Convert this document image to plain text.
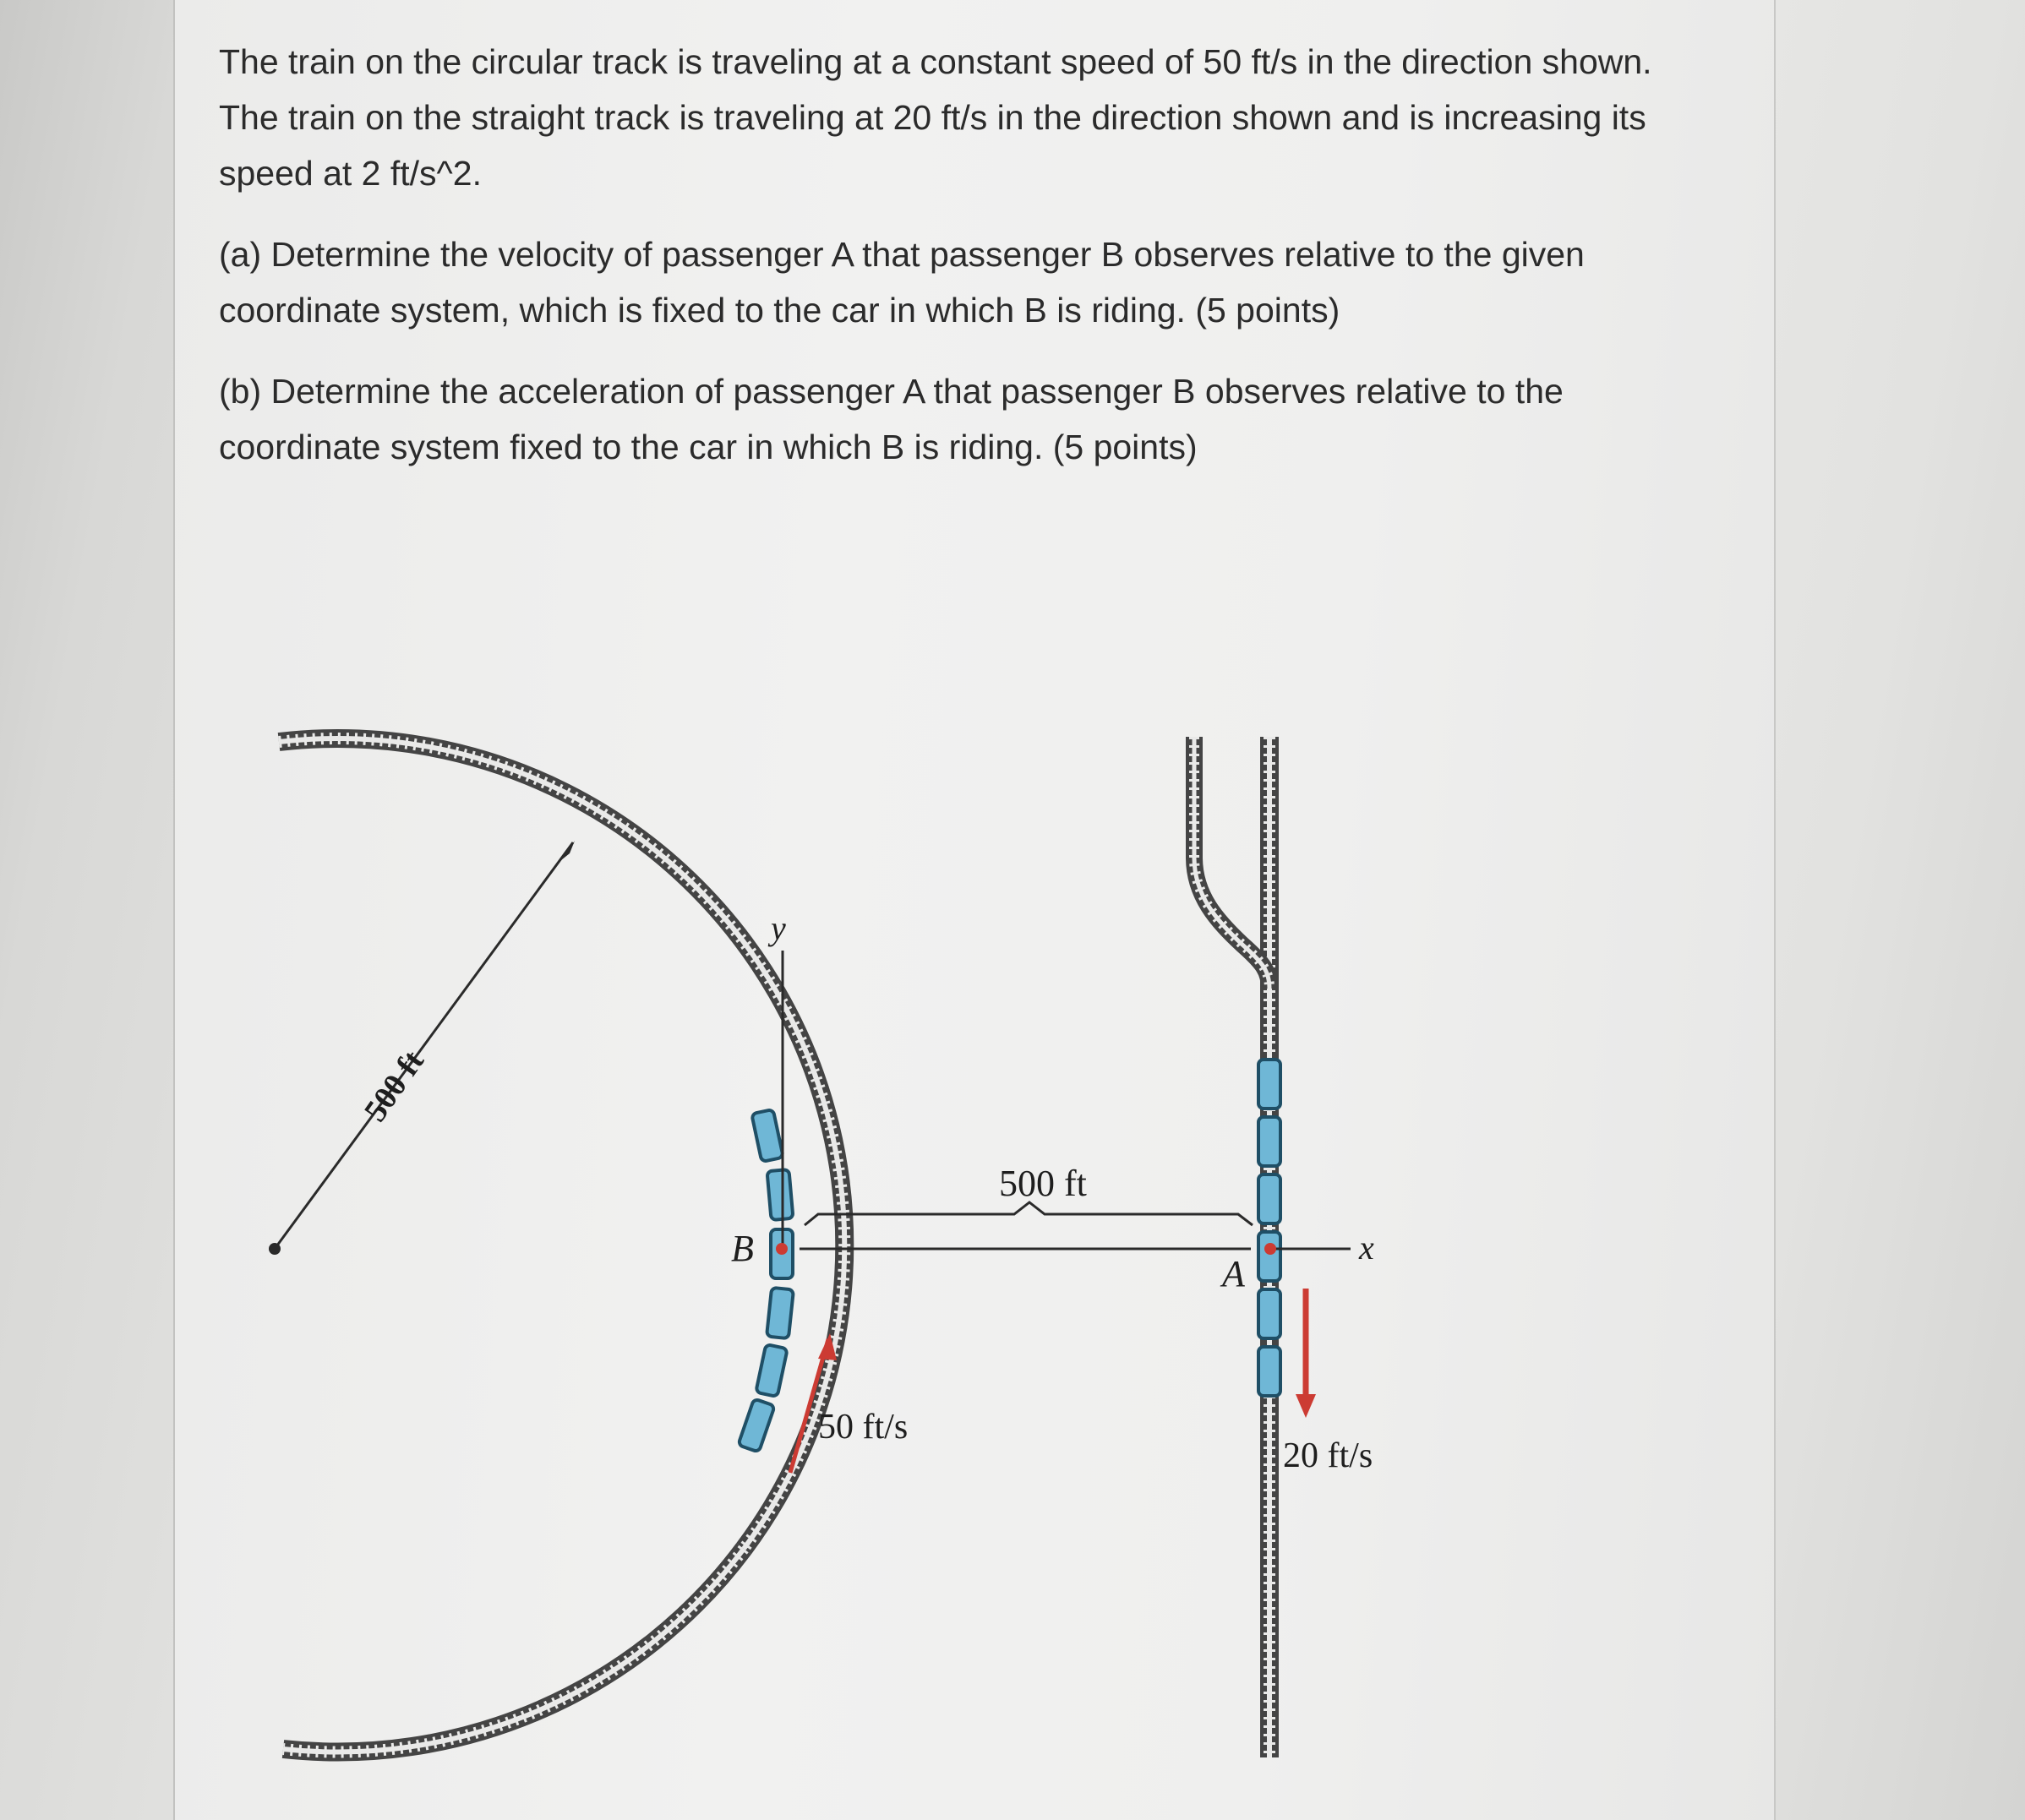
The train on the circular track is traveling at a constant speed of 50 ft/s in the direction shown. The train on the straight track is traveling at 20 ft/s in the direction shown and is increasing its speed at 2 ft/s^2.

(a) Determine the velocity of passenger A that passenger B observes relative to the given coordinate system, which is fixed to the car in which B is riding. (5 points)

(b) Determine the acceleration of passenger A that passenger B observes relative to the coordinate system fixed to the car in which B is riding. (5 points)

y
B
500 ft
50 ft/s
500 ft
x
A
20 ft/s
